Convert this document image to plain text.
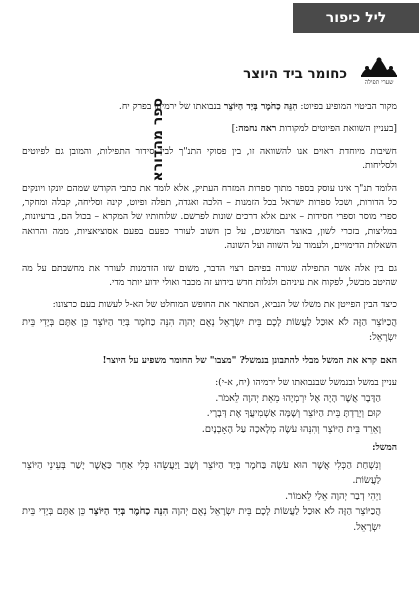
ליל כיפור
שערי תפילה
כחומר ביד היוצר
ספר מהדורא	מקור הביטוי המופיע בפיוט: הִנֵּה כַחֹמֶר בְּיַד הַיּוֹצֵר בנבואתו של ירמיהו בפרק יח.

[בעניין השוואת הפיוטים למקורות ראה נחמה:]

חשיבות מיוחדת ראוים אנו להשוואה זו, בין פסוקי התנ"ך לבין סידור התפילות, והמובן גם לפיוטים ולסליחות.

הלומד תנ"ך אינו עוסק בספר מתוך ספרות המזרח העתיק, אלא לומד את כתבי הקודש שמהם יונקו ויונקים כל הדורות, ושכל ספרות ישראל בכל הזמנות – הלכה ואגדה, תפלה ופיוט, קינה וסליחה, קבלה ומחקר, ספרי מוסר וספרי חסידות – אינם אלא דרכים שונות לפרשם. שלוחותיו של המקרא – בכול הם, ברעיונות, במליצות, בזכרי לשון, באוצר המושגים, על כן חשוב לעורר כפעם בפעם אסוציאציות, ממה והרואה השאלות הדימויים, ולעמוד על השווה ועל השונה.

גם בין אלה אשר התפילה שגורה בפיהם רצוי הדבר, משום שזו הזדמנות לעורר את מחשבתם על מה שהיטב מבשל, לפקוח את עיניהם ולגלות חדש בידוע זה מכבר ואולי ידוע יותר מדי.

כיצד הבין הפייטן את משלו של הנביא, המתאר את החופש המוחלט של הא-ל לעשות בעם כרצונו:

הֲכַיּוֹצֵר הַזֶּה לֹא אוּכַל לַעֲשׂוֹת לָכֶם בֵּית יִשְׂרָאֵל נְאֻם יְהוָה הִנֵּה כַחֹמֶר בְּיַד הַיּוֹצֵר כֵּן אַתֶּם בְּיָדִי בֵּית יִשְׂרָאֵל:

האם קרא את המשל מבלי להתבונן בנמשל? "מצבו" של החומר משפיע על היוצר!

עניין במשל ובנמשל שבנבואתו של ירמיהו (יח, א-י):

הַדָּבָר אֲשֶׁר הָיָה אֶל יִרְמְיָהוּ מֵאֵת יְהוָה לֵאמֹר.
קוּם וְיָרַדְתָּ בֵּית הַיּוֹצֵר וְשָׁמָּה אַשְׁמִיעֲךָ אֶת דְּבָרָי.
וָאֵרֵד בֵּית הַיּוֹצֵר וְהִנֵּהוּ עֹשֶׂה מְלָאכָה עַל הָאָבְנָיִם.
המשל:
וְנִשְׁחַת הַכְּלִי אֲשֶׁר הוּא עֹשֶׂה בַּחֹמֶר בְּיַד הַיּוֹצֵר וְשָׁב וַיַּעֲשֵׂהוּ כְּלִי אַחֵר כַּאֲשֶׁר יָשַׁר בְּעֵינֵי הַיּוֹצֵר לַעֲשׂוֹת.
וַיְהִי דְבַר יְהוָה אֵלַי לֵאמוֹר.
הֲכַיּוֹצֵר הַזֶּה לֹא אוּכַל לַעֲשׂוֹת לָכֶם בֵּית יִשְׂרָאֵל נְאֻם יְהוָה הִנֵּה כַחֹמֶר בְּיַד הַיּוֹצֵר כֵּן אַתֶּם בְּיָדִי בֵּית יִשְׂרָאֵל.
